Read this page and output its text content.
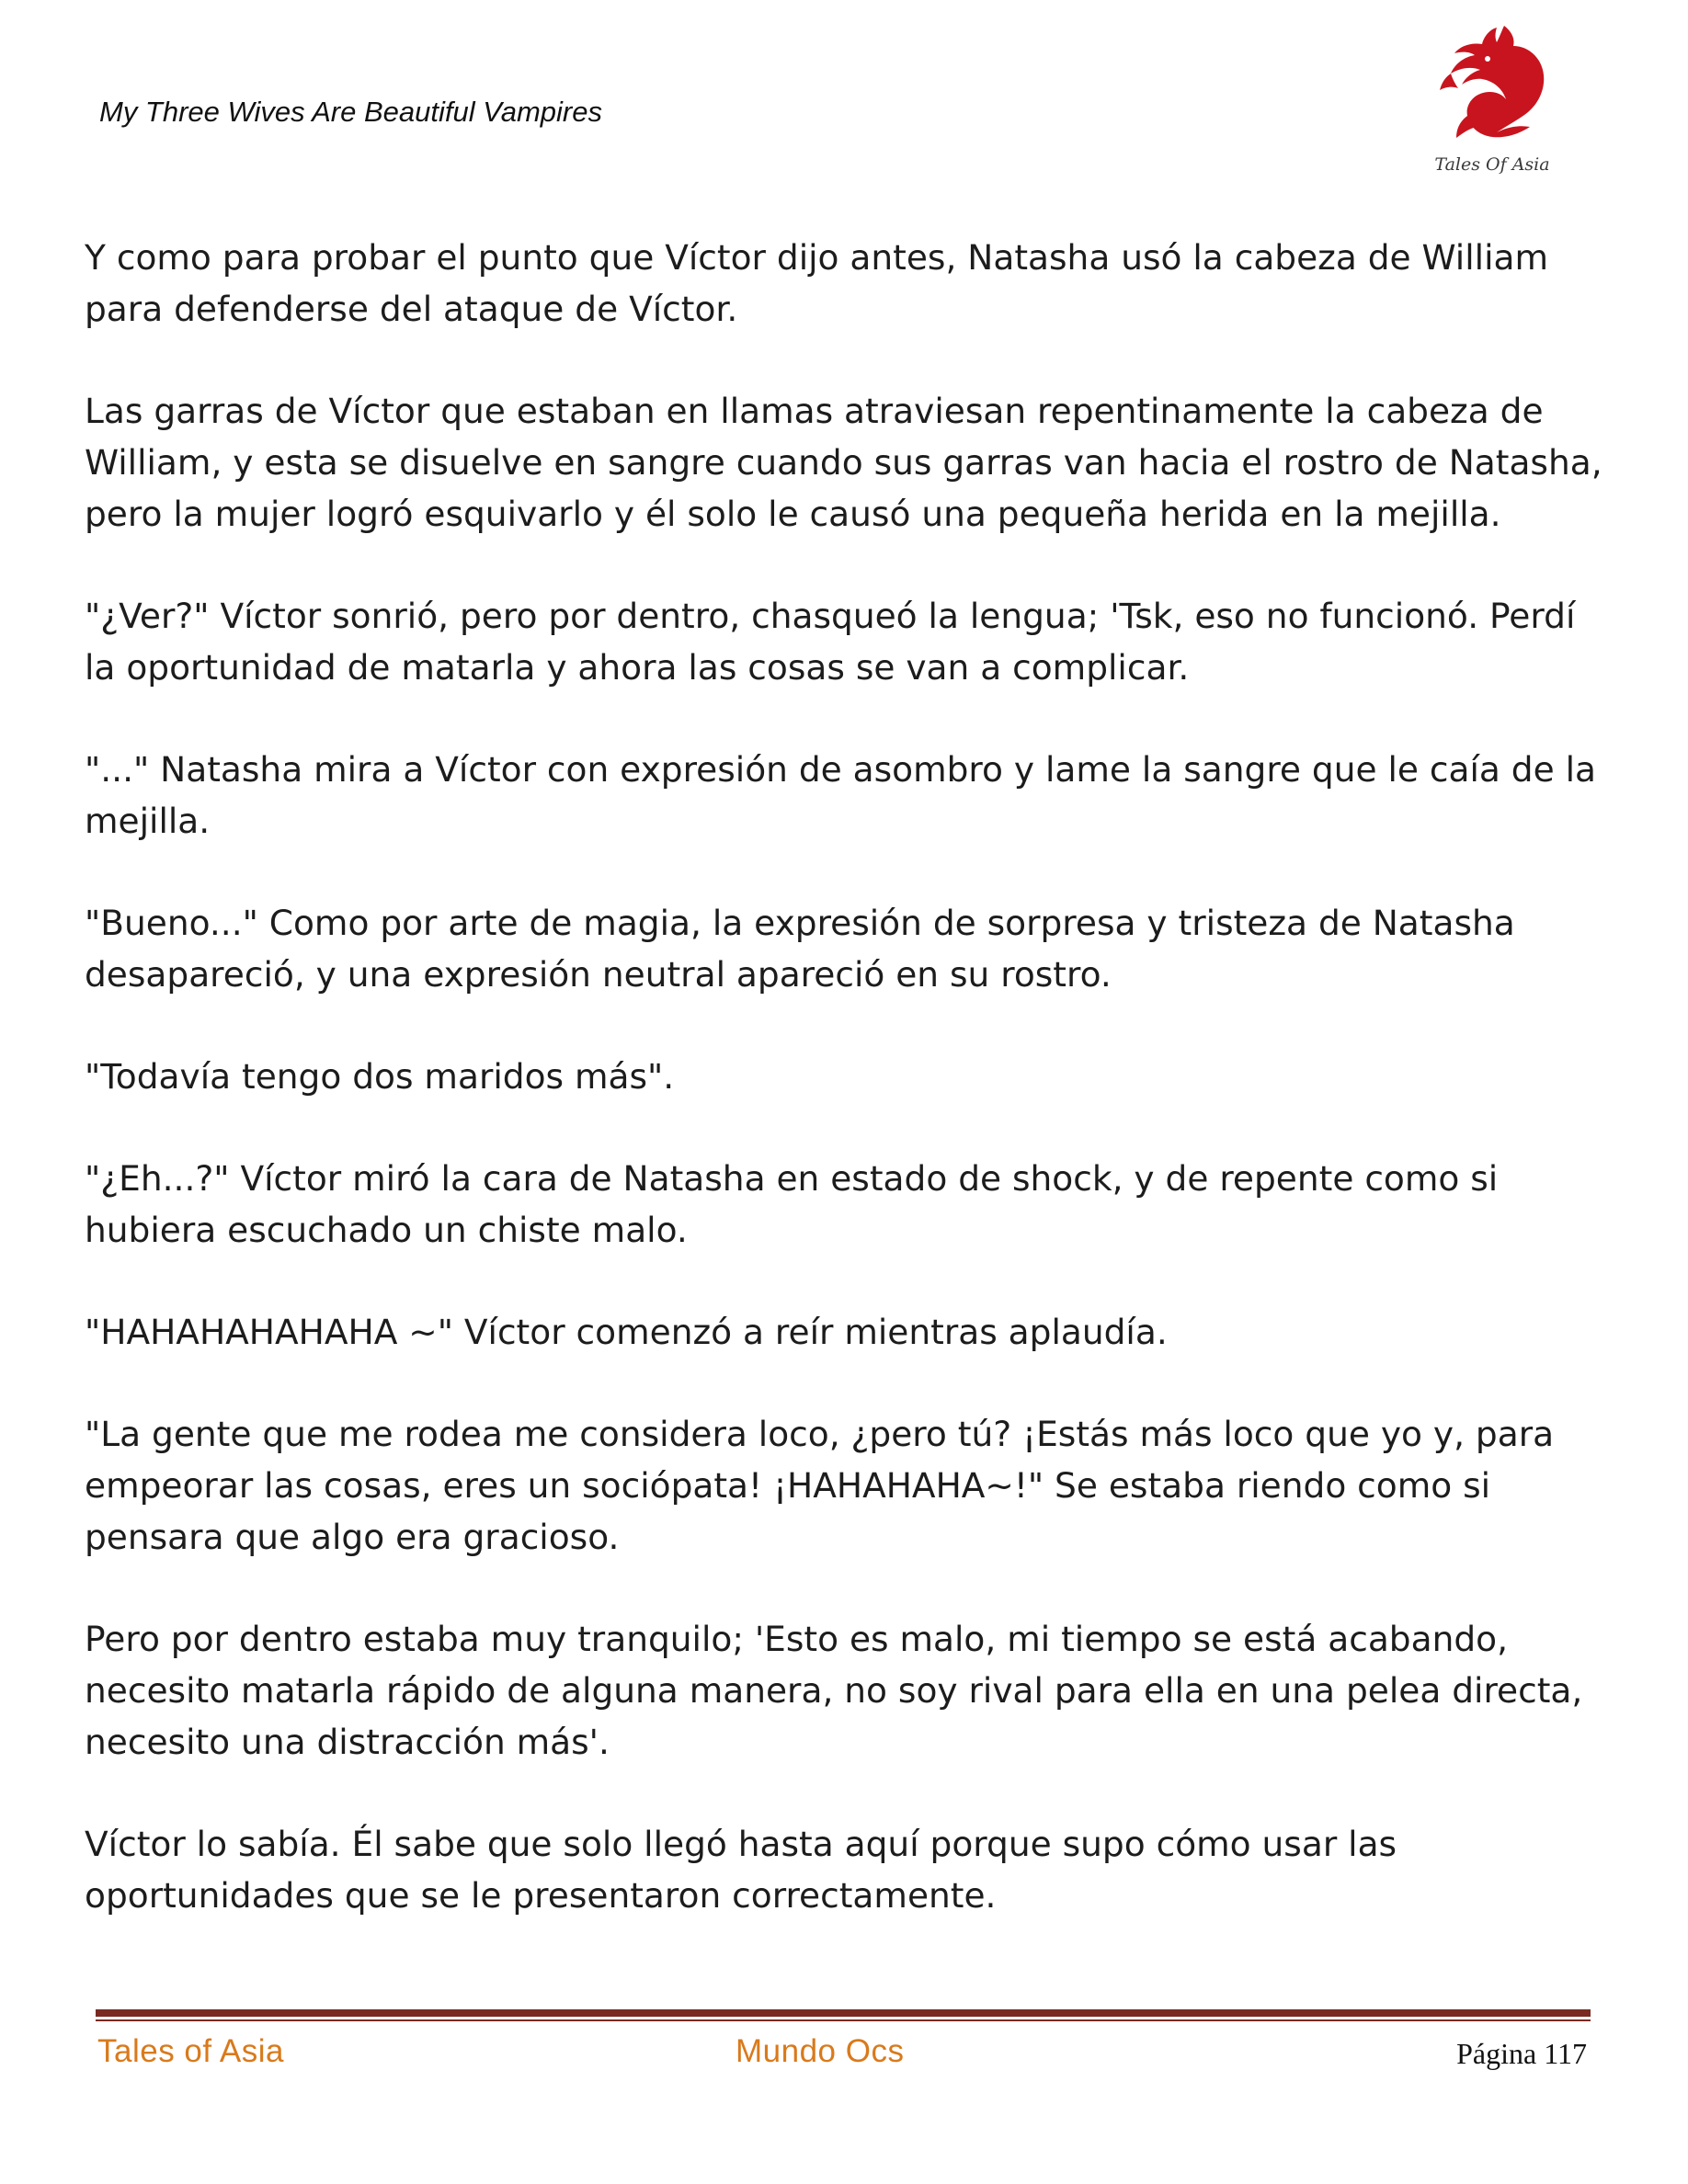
My Three Wives Are Beautiful Vampires
Tales Of Asia

Y como para probar el punto que Víctor dijo antes, Natasha usó la cabeza de William para defenderse del ataque de Víctor.

Las garras de Víctor que estaban en llamas atraviesan repentinamente la cabeza de William, y esta se disuelve en sangre cuando sus garras van hacia el rostro de Natasha, pero la mujer logró esquivarlo y él solo le causó una pequeña herida en la mejilla.

"¿Ver?" Víctor sonrió, pero por dentro, chasqueó la lengua; 'Tsk, eso no funcionó. Perdí la oportunidad de matarla y ahora las cosas se van a complicar.

"..." Natasha mira a Víctor con expresión de asombro y lame la sangre que le caía de la mejilla.

"Bueno..." Como por arte de magia, la expresión de sorpresa y tristeza de Natasha desapareció, y una expresión neutral apareció en su rostro.

"Todavía tengo dos maridos más".

"¿Eh...?" Víctor miró la cara de Natasha en estado de shock, y de repente como si hubiera escuchado un chiste malo.

"HAHAHAHAHAHA ~" Víctor comenzó a reír mientras aplaudía.

"La gente que me rodea me considera loco, ¿pero tú? ¡Estás más loco que yo y, para empeorar las cosas, eres un sociópata! ¡HAHAHAHA~!" Se estaba riendo como si pensara que algo era gracioso.

Pero por dentro estaba muy tranquilo; 'Esto es malo, mi tiempo se está acabando, necesito matarla rápido de alguna manera, no soy rival para ella en una pelea directa, necesito una distracción más'.

Víctor lo sabía. Él sabe que solo llegó hasta aquí porque supo cómo usar las oportunidades que se le presentaron correctamente.

Tales of Asia	Mundo Ocs	Página 117
